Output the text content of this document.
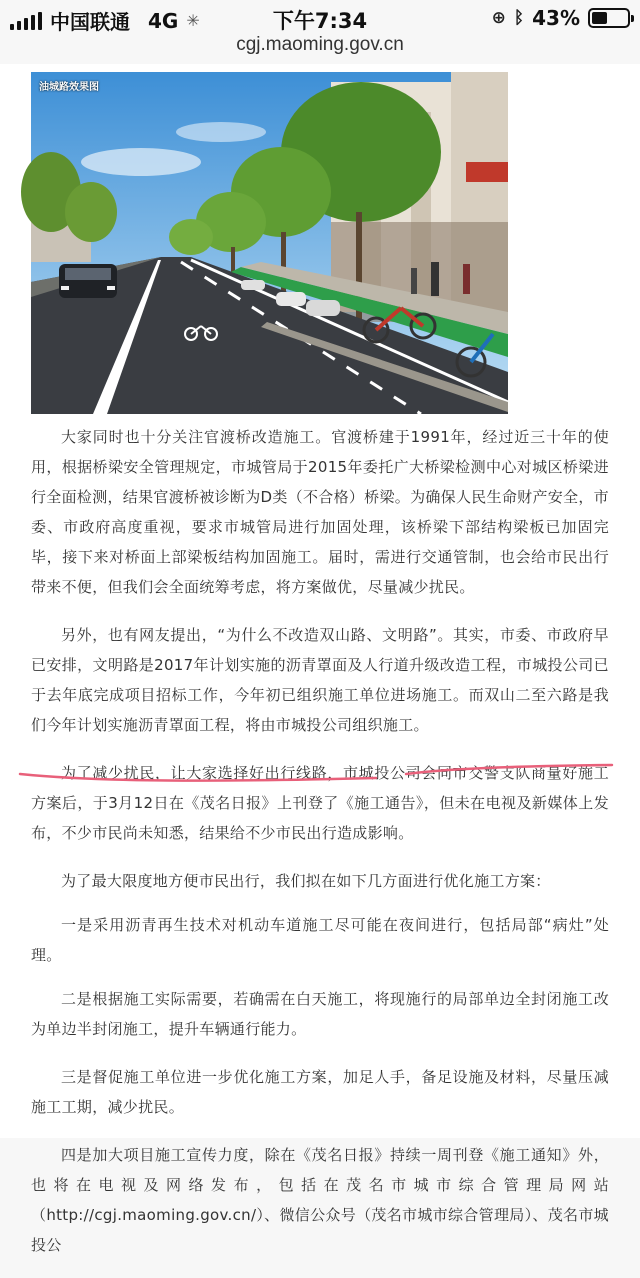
中国联通 4G ✳	下午7:34	⊕ ᛒ 43%
cgj.maoming.gov.cn
油城路效果图

大家同时也十分关注官渡桥改造施工。官渡桥建于1991年，经过近三十年的使用，根据桥梁安全管理规定，市城管局于2015年委托广大桥梁检测中心对城区桥梁进行全面检测，结果官渡桥被诊断为D类（不合格）桥梁。为确保人民生命财产安全，市委、市政府高度重视，要求市城管局进行加固处理，该桥梁下部结构梁板已加固完毕，接下来对桥面上部梁板结构加固施工。届时，需进行交通管制，也会给市民出行带来不便，但我们会全面统筹考虑，将方案做优，尽量减少扰民。

另外，也有网友提出，“为什么不改造双山路、文明路”。其实，市委、市政府早已安排，文明路是2017年计划实施的沥青罩面及人行道升级改造工程，市城投公司已于去年底完成项目招标工作，今年初已组织施工单位进场施工。而双山二至六路是我们今年计划实施沥青罩面工程，将由市城投公司组织施工。

为了减少扰民，让大家选择好出行线路，市城投公司会同市交警支队商量好施工方案后，于3月12日在《茂名日报》上刊登了《施工通告》，但未在电视及新媒体上发布，不少市民尚未知悉，结果给不少市民出行造成影响。

为了最大限度地方便市民出行，我们拟在如下几方面进行优化施工方案：

一是采用沥青再生技术对机动车道施工尽可能在夜间进行，包括局部“病灶”处理。

二是根据施工实际需要，若确需在白天施工，将现施行的局部单边全封闭施工改为单边半封闭施工，提升车辆通行能力。

三是督促施工单位进一步优化施工方案，加足人手，备足设施及材料，尽量压减施工工期，减少扰民。

四是加大项目施工宣传力度，除在《茂名日报》持续一周刊登《施工通知》外，也将在电视及网络发布，包括在茂名市城市综合管理局网站（http://cgj.maoming.gov.cn/）、微信公众号（茂名市城市综合管理局）、茂名市城投公
